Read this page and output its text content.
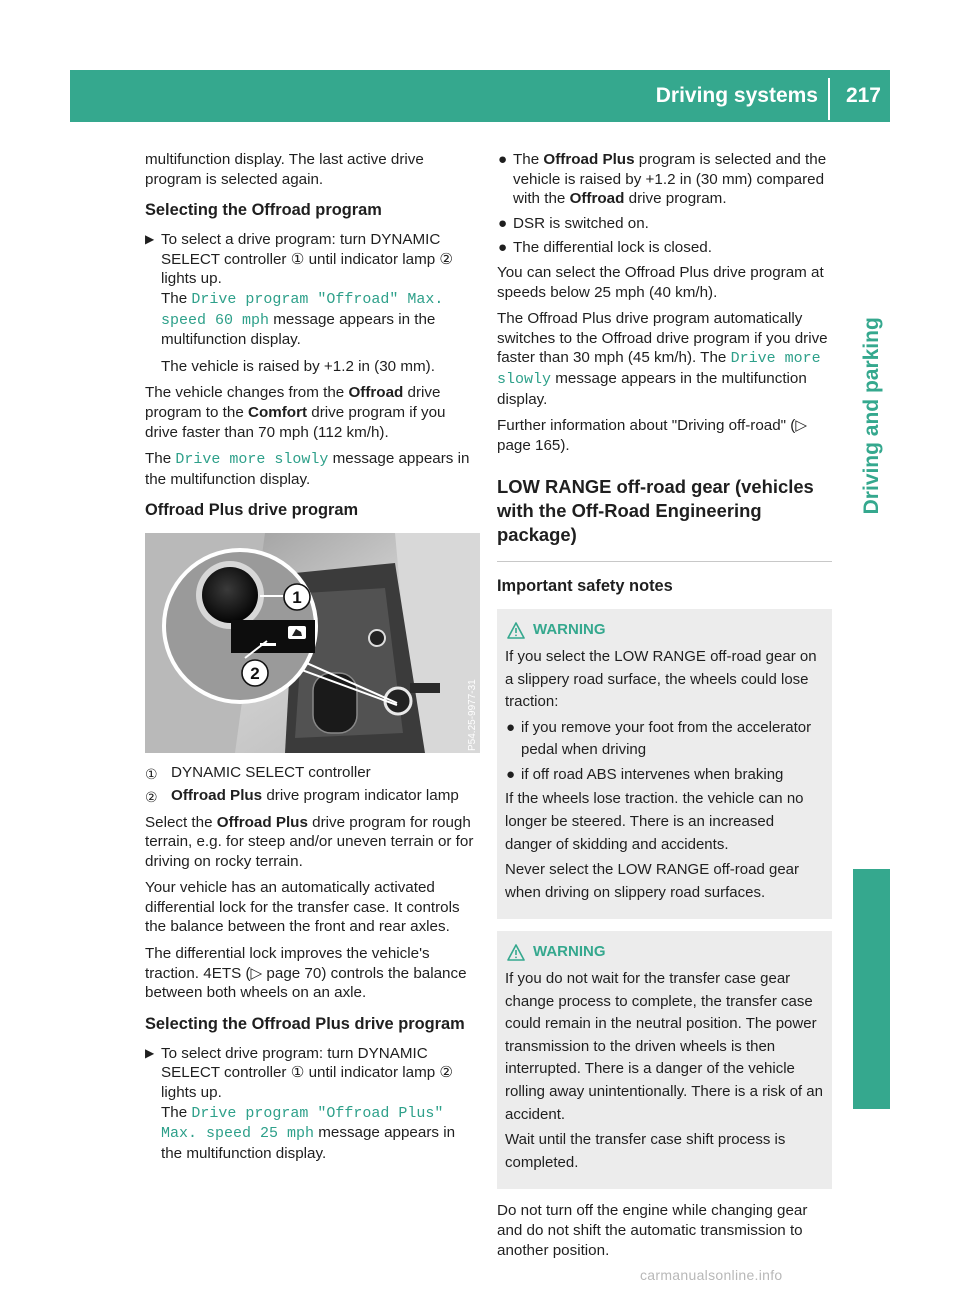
Driving systems 217
Driving and parking

multifunction display. The last active drive program is selected again.

Selecting the Offroad program
▶ To select a drive program: turn DYNAMIC SELECT controller ① until indicator lamp ② lights up.
The Drive program "Offroad" Max. speed 60 mph message appears in the multifunction display.

The vehicle is raised by +1.2 in (30 mm).

The vehicle changes from the Offroad drive program to the Comfort drive program if you drive faster than 70 mph (112 km/h).

The Drive more slowly message appears in the multifunction display.

Offroad Plus drive program
1
2
P54.25-9977-31
① DYNAMIC SELECT controller
② Offroad Plus drive program indicator lamp

Select the Offroad Plus drive program for rough terrain, e.g. for steep and/or uneven terrain or for driving on rocky terrain.

Your vehicle has an automatically activated differential lock for the transfer case. It controls the balance between the front and rear axles.

The differential lock improves the vehicle's traction. 4ETS (▷ page 70) controls the balance between both wheels on an axle.

Selecting the Offroad Plus drive program
▶ To select drive program: turn DYNAMIC SELECT controller ① until indicator lamp ② lights up.
The Drive program "Offroad Plus" Max. speed 25 mph message appears in the multifunction display.
● The Offroad Plus program is selected and the vehicle is raised by +1.2 in (30 mm) compared with the Offroad drive program.
● DSR is switched on.
● The differential lock is closed.

You can select the Offroad Plus drive program at speeds below 25 mph (40 km/h).

The Offroad Plus drive program automatically switches to the Offroad drive program if you drive faster than 30 mph (45 km/h). The Drive more slowly message appears in the multifunction display.

Further information about "Driving off-road" (▷ page 165).

LOW RANGE off-road gear (vehicles with the Off-Road Engineering package)
Important safety notes
WARNING

If you select the LOW RANGE off-road gear on a slippery road surface, the wheels could lose traction:

● if you remove your foot from the accelerator pedal when driving
● if off road ABS intervenes when braking

If the wheels lose traction. the vehicle can no longer be steered. There is an increased danger of skidding and accidents.

Never select the LOW RANGE off-road gear when driving on slippery road surfaces.

WARNING

If you do not wait for the transfer case gear change process to complete, the transfer case could remain in the neutral position. The power transmission to the driven wheels is then interrupted. There is a danger of the vehicle rolling away unintentionally. There is a risk of an accident.

Wait until the transfer case shift process is completed.

Do not turn off the engine while changing gear and do not shift the automatic transmission to another position.

carmanualsonline.info
